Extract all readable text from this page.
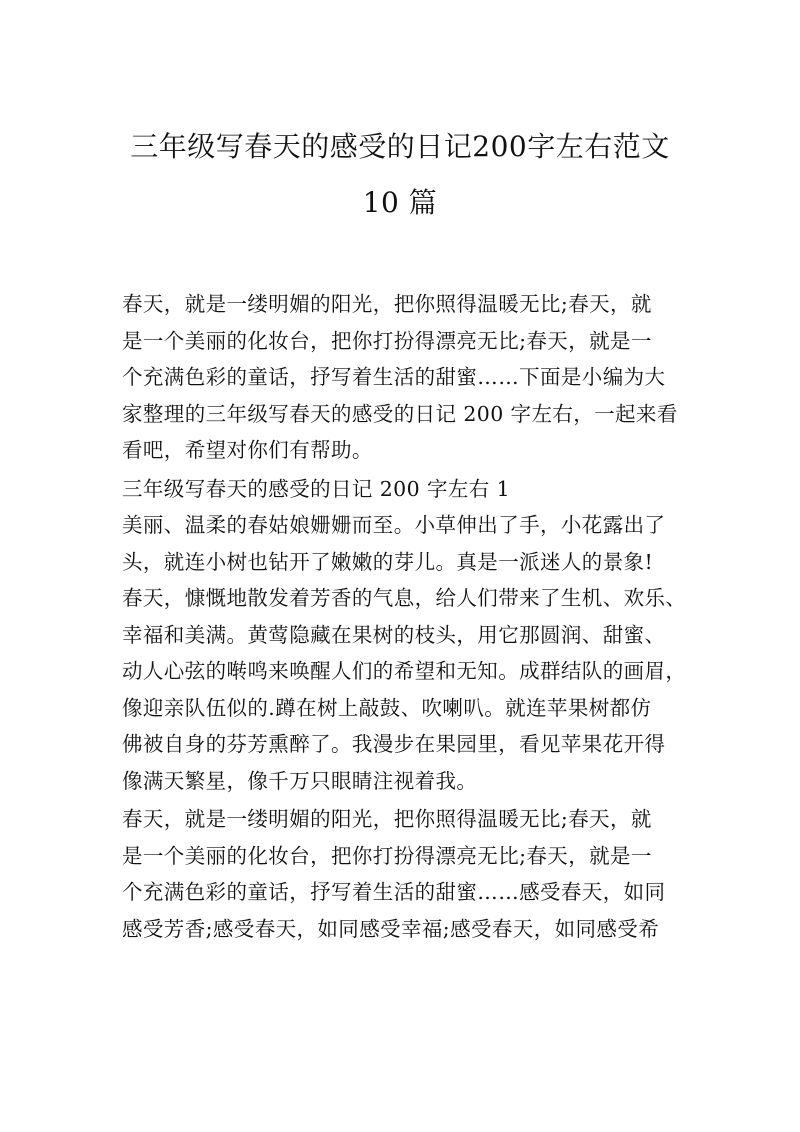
三年级写春天的感受的日记200字左右范文
10 篇
春天，就是一缕明媚的阳光，把你照得温暖无比;春天，就
是一个美丽的化妆台，把你打扮得漂亮无比;春天，就是一
个充满色彩的童话，抒写着生活的甜蜜……下面是小编为大
家整理的三年级写春天的感受的日记 200 字左右，一起来看
看吧，希望对你们有帮助。
三年级写春天的感受的日记 200 字左右 1
美丽、温柔的春姑娘姗姗而至。小草伸出了手，小花露出了
头，就连小树也钻开了嫩嫩的芽儿。真是一派迷人的景象!
春天，慷慨地散发着芳香的气息，给人们带来了生机、欢乐、
幸福和美满。黄莺隐藏在果树的枝头，用它那圆润、甜蜜、
动人心弦的啭鸣来唤醒人们的希望和无知。成群结队的画眉，
像迎亲队伍似的.蹲在树上敲鼓、吹喇叭。就连苹果树都仿
佛被自身的芬芳熏醉了。我漫步在果园里，看见苹果花开得
像满天繁星，像千万只眼睛注视着我。
春天，就是一缕明媚的阳光，把你照得温暖无比;春天，就
是一个美丽的化妆台，把你打扮得漂亮无比;春天，就是一
个充满色彩的童话，抒写着生活的甜蜜……感受春天，如同
感受芳香;感受春天，如同感受幸福;感受春天，如同感受希
